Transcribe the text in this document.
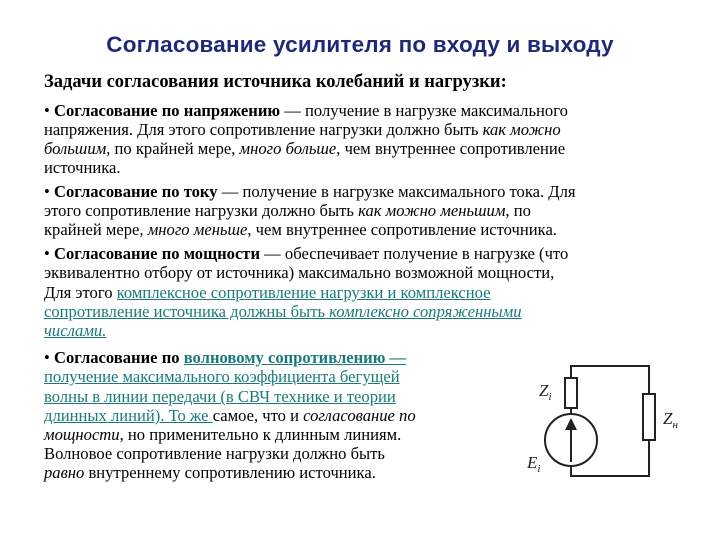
Согласование усилителя по входу и выходу
Задачи согласования источника колебаний и нагрузки:
• Согласование по напряжению — получение в нагрузке максимального
напряжения. Для этого сопротивление нагрузки должно быть как можно
большим, по крайней мере, много больше, чем внутреннее сопротивление
источника.
• Согласование по току — получение в нагрузке максимального тока. Для
этого сопротивление нагрузки должно быть как можно меньшим, по
крайней мере, много меньше, чем внутреннее сопротивление источника.
• Согласование по мощности — обеспечивает получение в нагрузке (что
эквивалентно отбору от источника) максимально возможной мощности,
Для этого комплексное сопротивление нагрузки и комплексное
сопротивление источника должны быть комплексно сопряженными
числами.
• Согласование по волновому сопротивлению —
получение максимального коэффициента бегущей
волны в линии передачи (в СВЧ технике и теории
длинных линий). То же самое, что и согласование по
мощности, но применительно к длинным линиям.
Волновое сопротивление нагрузки должно быть
равно внутреннему сопротивлению источника.
$Z_i$
$Z_н$
$E_i$
